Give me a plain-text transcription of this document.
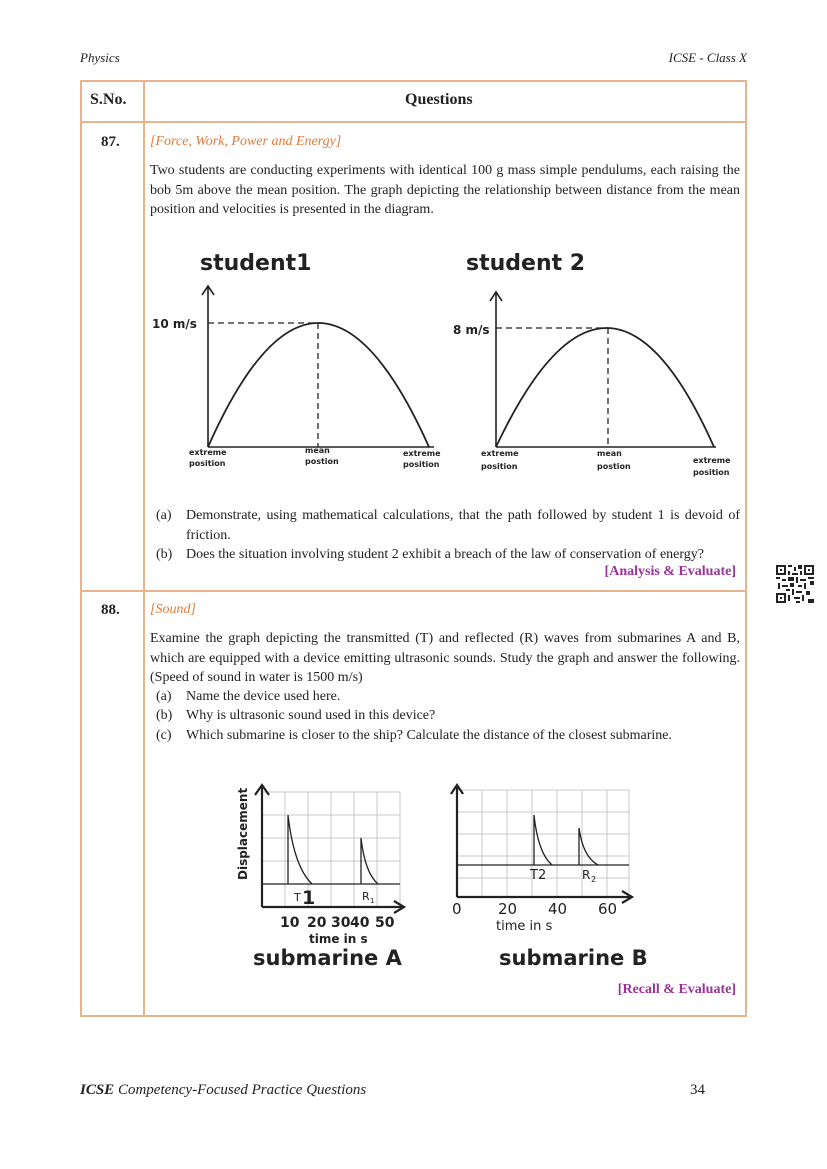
Physics	ICSE - Class X
S.No.	Questions
87. [Force, Work, Power and Energy]
Two students are conducting experiments with identical 100 g mass simple pendulums, each raising the bob 5m above the mean position. The graph depicting the relationship between distance from the mean position and velocities is presented in the diagram.
student1
10 m/s
extreme
position
mean
postion
extreme
position
student 2
8 m/s
extreme
position
mean
postion
extreme
position
(a) Demonstrate, using mathematical calculations, that the path followed by student 1 is devoid of friction.
(b) Does the situation involving student 2 exhibit a breach of the law of conservation of energy?
[Analysis & Evaluate]
88. [Sound]
Examine the graph depicting the transmitted (T) and reflected (R) waves from submarines A and B, which are equipped with a device emitting ultrasonic sounds. Study the graph and answer the following. (Speed of sound in water is 1500 m/s)
(a) Name the device used here.
(b) Why is ultrasonic sound used in this device?
(c) Which submarine is closer to the ship? Calculate the distance of the closest submarine.
Displacement
T 1	R 1
10 20 30 40 50
time in s
submarine A
T2	R 2
0 20 40 60
time in s
submarine B
[Recall & Evaluate]
ICSE Competency-Focused Practice Questions	34
